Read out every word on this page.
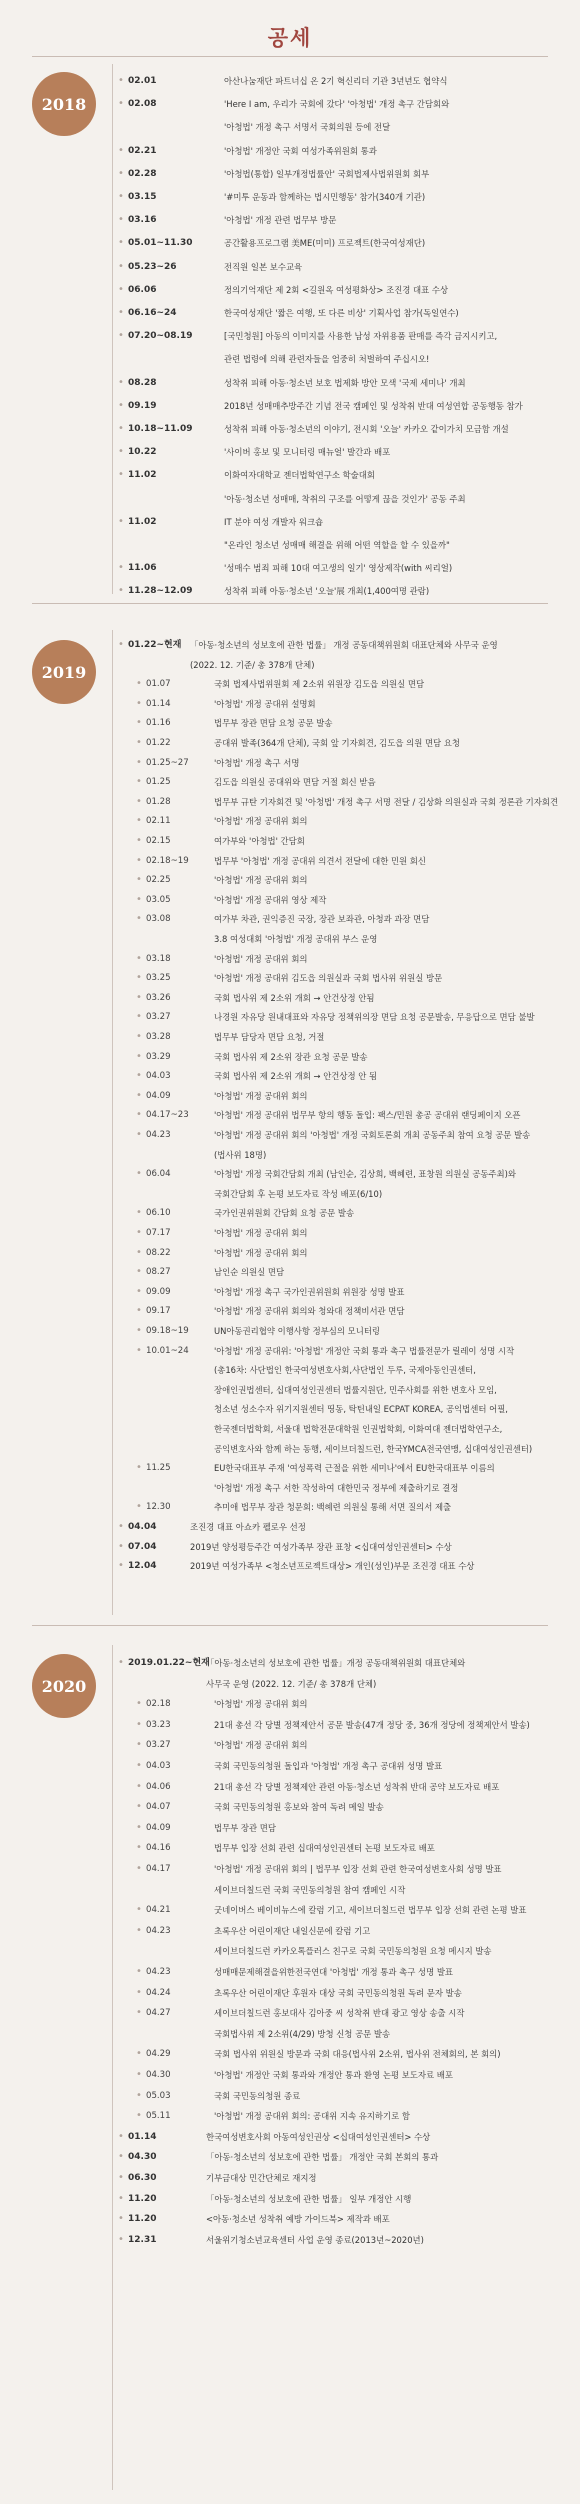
공세
2018
• 02.01	아산나눔재단 파트너십 온 2기 혁신리더 기관 3년년도 협약식
• 02.08	'Here I am, 우리가 국회에 갔다' '아청법' 개정 촉구 간담회와
'아청법' 개정 촉구 서명서 국회의원 등에 전달
• 02.21	'아청법' 개정안 국회 여성가족위원회 통과
• 02.28	'아청법(통합) 일부개정법률안' 국회법제사법위원회 회부
• 03.15	'#미투 운동과 함께하는 법시민행동' 참가(340개 기관)
• 03.16	'아청법' 개정 관련 법무부 방문
• 05.01~11.30	공간활용프로그램 美ME(미미) 프로젝트(한국여성재단)
• 05.23~26	전직원 일본 보수교육
• 06.06	정의기억재단 제 2회 <길원옥 여성평화상> 조진경 대표 수상
• 06.16~24	한국여성재단 '짧은 여행, 또 다른 비상' 기획사업 참가(독일연수)
• 07.20~08.19	[국민청원] 아동의 이미지를 사용한 남성 자위용품 판매를 즉각 금지시키고,
관련 법령에 의해 관련자들을 엄중히 처벌하여 주십시오!
• 08.28	성착취 피해 아동·청소년 보호 법제화 방안 모색 '국제 세미나' 개최
• 09.19	2018년 성매매추방주간 기념 전국 캠페인 및 성착취 반대 여성연합 공동행동 참가
• 10.18~11.09	성착취 피해 아동·청소년의 이야기, 전시회 '오늘' 카카오 같이가치 모금함 개설
• 10.22	'사이버 홍보 및 모니터링 매뉴얼' 발간과 배포
• 11.02	이화여자대학교 젠더법학연구소 학술대회
'아동·청소년 성매매, 착취의 구조를 어떻게 끊을 것인가' 공동 주최
• 11.02	IT 분야 여성 개발자 워크숍
"온라인 청소년 성매매 해결을 위해 어떤 역할을 할 수 있을까"
• 11.06	'성매수 범죄 피해 10대 여고생의 일기' 영상제작(with 씨리얼)
• 11.28~12.09	성착취 피해 아동·청소년 '오늘'展 개최(1,400여명 관람)
2019
• 01.22~현재 「아동·청소년의 성보호에 관한 법률」 개정 공동대책위원회 대표단체와 사무국 운영
(2022. 12. 기준/ 총 378개 단체)
• 01.07	국회 법제사법위원회 제 2소위 위원장 김도읍 의원실 면담
• 01.14	'아청법' 개정 공대위 설명회
• 01.16	법무부 장관 면담 요청 공문 발송
• 01.22	공대위 발족(364개 단체), 국회 앞 기자회견, 김도읍 의원 면담 요청
• 01.25~27	'아청법' 개정 촉구 서명
• 01.25	김도읍 의원실 공대위와 면담 거절 회신 받음
• 01.28	법무부 규탄 기자회견 및 '아청법' 개정 촉구 서명 전달 / 김상화 의원실과 국회 정론관 기자회견
• 02.11	'아청법' 개정 공대위 회의
• 02.15	여가부와 '아청법' 간담회
• 02.18~19	법무부 '아청법' 개정 공대위 의견서 전달에 대한 민원 회신
• 02.25	'아청법' 개정 공대위 회의
• 03.05	'아청법' 개정 공대위 영상 제작
• 03.08	여가부 차관, 권익증진 국장, 장관 보좌관, 아청과 과장 면담
3.8 여성대회 '아청법' 개정 공대위 부스 운영
• 03.18	'아청법' 개정 공대위 회의
• 03.25	'아청법' 개정 공대위 김도읍 의원실과 국회 법사위 위원실 방문
• 03.26	국회 법사위 제 2소위 개회 → 안건상정 안됨
• 03.27	나경원 자유당 원내대표와 자유당 정책위의장 면담 요청 공문발송, 무응답으로 면담 불발
• 03.28	법무부 담당자 면담 요청, 거절
• 03.29	국회 법사위 제 2소위 장관 요청 공문 발송
• 04.03	국회 법사위 제 2소위 개회 → 안건상정 안 됨
• 04.09	'아청법' 개정 공대위 회의
• 04.17~23	'아청법' 개정 공대위 법무부 항의 행동 돌입: 팩스/민원 총공 공대위 랜딩페이지 오픈
• 04.23	'아청법' 개정 공대위 회의 '아청법' 개정 국회토론회 개최 공동주최 참여 요청 공문 발송
(법사위 18명)
• 06.04	'아청법' 개정 국회간담회 개최 (남인순, 김상희, 백혜련, 표창원 의원실 공동주최)와
국회간담회 후 논평 보도자료 작성 배포(6/10)
• 06.10	국가인권위원회 간담회 요청 공문 발송
• 07.17	'아청법' 개정 공대위 회의
• 08.22	'아청법' 개정 공대위 회의
• 08.27	남인순 의원실 면담
• 09.09	'아청법' 개정 촉구 국가인권위원회 위원장 성명 발표
• 09.17	'아청법' 개정 공대위 회의와 청와대 정책비서관 면담
• 09.18~19	UN아동권리협약 이행사항 정부심의 모니터링
• 10.01~24	'아청법' 개정 공대위: '아청법' 개정안 국회 통과 촉구 법률전문가 릴레이 성명 시작
(총16차: 사단법인 한국여성변호사회,사단법인 두루, 국제아동인권센터,
장애인권법센터, 십대여성인권센터 법률지원단, 민주사회를 위한 변호사 모임,
청소년 성소수자 위기지원센터 띵동, 탁틴내일 ECPAT KOREA, 공익법센터 어필,
한국젠더법학회, 서울대 법학전문대학원 인권법학회, 이화여대 젠더법학연구소,
공익변호사와 함께 하는 동행, 세이브더칠드런, 한국YMCA전국연맹, 십대여성인권센터)
• 11.25	EU한국대표부 주재 '여성폭력 근절을 위한 세미나'에서 EU한국대표부 이름의
'아청법' 개정 촉구 서한 작성하여 대한민국 정부에 제출하기로 결정
• 12.30	추미애 법무부 장관 청문회: 백혜련 의원실 통해 서면 질의서 제출
• 04.04	조진경 대표 아쇼카 펠로우 선정
• 07.04	2019년 양성평등주간 여성가족부 장관 표창 <십대여성인권센터> 수상
• 12.04	2019년 여성가족부 <청소년프로젝트대상> 개인(성인)부문 조진경 대표 수상
2020
• 2019.01.22~현재
「아동·청소년의 성보호에 관한 법률」개정 공동대책위원회 대표단체와
사무국 운영 (2022. 12. 기준/ 총 378개 단체)
• 02.18	'아청법' 개정 공대위 회의
• 03.23	21대 총선 각 당별 정책제안서 공문 발송(47개 정당 중, 36개 정당에 정책제안서 발송)
• 03.27	'아청법' 개정 공대위 회의
• 04.03	국회 국민동의청원 돌입과 '아청법' 개정 촉구 공대위 성명 발표
• 04.06	21대 총선 각 당별 정책제안 관련 아동·청소년 성착취 반대 공약 보도자료 배포
• 04.07	국회 국민동의청원 홍보와 참여 독려 메일 발송
• 04.09	법무부 장관 면담
• 04.16	법무부 입장 선회 관련 십대여성인권센터 논평 보도자료 배포
• 04.17	'아청법' 개정 공대위 회의 | 법무부 입장 선회 관련 한국여성변호사회 성명 발표
세이브더칠드런 국회 국민동의청원 참여 캠페인 시작
• 04.21	굿네이버스 베이비뉴스에 칼럼 기고, 세이브더칠드런 법무부 입장 선회 관련 논평 발표
• 04.23	초록우산 어린이재단 내일신문에 칼럼 기고
세이브더칠드런 카카오톡플러스 친구로 국회 국민동의청원 요청 메시지 발송
• 04.23	성매매문제해결을위한전국연대 '아청법' 개정 통과 촉구 성명 발표
• 04.24	초록우산 어린이재단 후원자 대상 국회 국민동의청원 독려 문자 발송
• 04.27	세이브더칠드런 홍보대사 김아중 씨 성착취 반대 광고 영상 송출 시작
국회법사위 제 2소위(4/29) 방청 신청 공문 발송
• 04.29	국회 법사위 위원실 방문과 국회 대응(법사위 2소위, 법사위 전체회의, 본 회의)
• 04.30	'아청법' 개정안 국회 통과와 개정안 통과 환영 논평 보도자료 배포
• 05.03	국회 국민동의청원 종료
• 05.11	'아청법' 개정 공대위 회의: 공대위 지속 유지하기로 함
• 01.14	한국여성변호사회 아동여성인권상 <십대여성인권센터> 수상
• 04.30	「아동·청소년의 성보호에 관한 법률」 개정안 국회 본회의 통과
• 06.30	기부금대상 민간단체로 재지정
• 11.20	「아동·청소년의 성보호에 관한 법률」 일부 개정안 시행
• 11.20	<아동·청소년 성착취 예방 가이드북> 제작과 배포
• 12.31	서울위기청소년교육센터 사업 운영 종료(2013년~2020년)
